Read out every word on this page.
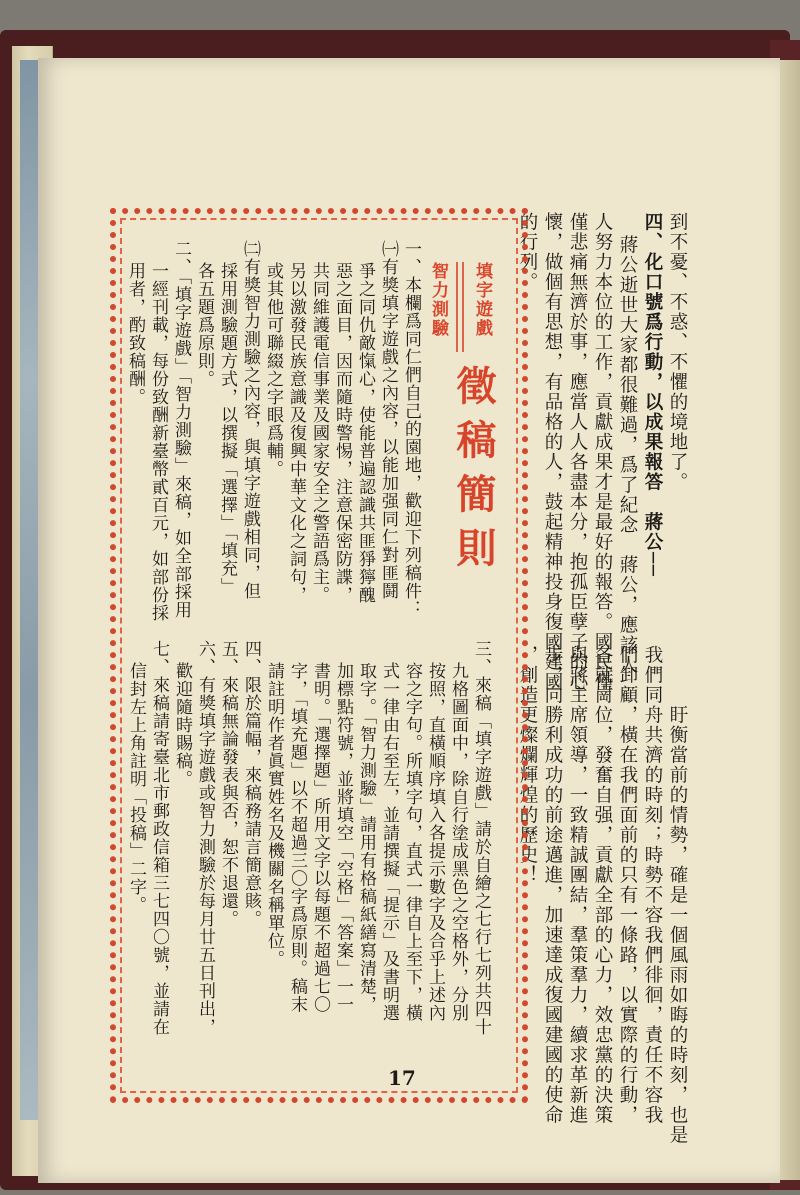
到不憂、不惑、不懼的境地了。
四、化口號爲行動，以成果報答　蔣公──
蔣公逝世大家都很難過，爲了紀念　蔣公，應該人
人努力本位的工作，貢獻成果才是最好的報答。國民僅
僅悲痛無濟於事，應當人人各盡本分，抱孤臣孽子的心
懷，做個有思想，有品格的人，鼓起精神投身復國建國
的行列。
　　盱衡當前的情勢，確是一個風雨如晦的時刻，也是
我們同舟共濟的時刻；時勢不容我們徘徊，責任不容我
們卸顧，橫在我們面前的只有一條路，以實際的行動，
各就崗位，發奮自强，貢獻全部的心力，效忠黨的決策
與蔣主席領導，一致精誠團結，羣策羣力，續求革新進
步，向勝利成功的前途邁進，加速達成復國建國的使命
，創造更燦爛輝煌的歷史！
填字遊戲
智力測驗
徵稿簡則
一、本欄爲同仁們自己的園地，歡迎下列稿件：
㈠有獎填字遊戲之內容，以能加强同仁對匪鬪
爭之同仇敵愾心，使能普遍認識共匪猙獰醜
惡之面目，因而隨時警惕，注意保密防諜，
共同維護電信事業及國家安全之警語爲主。
另以激發民族意識及復興中華文化之詞句，
或其他可聯綴之字眼爲輔。
㈡有獎智力測驗之內容，與填字遊戲相同，但
採用測驗題方式，以撰擬「選擇」「填充」
各五題爲原則。
二、「填字遊戲」「智力測驗」來稿，如全部採用
一經刊載，每份致酬新臺幣貳百元，如部份採
用者，酌致稿酬。
三、來稿「填字遊戲」請於自繪之七行七列共四十
九格圖面中，除自行塗成黑色之空格外，分別
按照，直橫順序填入各提示數字及合乎上述內
容之字句。所填字句，直式一律自上至下，橫
式一律由右至左，並請撰擬「提示」及書明選
取字。「智力測驗」請用有格稿紙繕寫清楚，
加標點符號，並將填空「空格」「答案」一一
書明。「選擇題」所用文字以每題不超過七〇
字，「填充題」以不超過三〇字爲原則。稿末
請註明作者眞實姓名及機關名稱單位。
四、限於篇幅，來稿務請言簡意賅。
五、來稿無論發表與否，恕不退還。
六、有獎填字遊戲或智力測驗於每月廿五日刊出，
歡迎隨時賜稿。
七、來稿請寄臺北市郵政信箱三七四〇號，並請在
信封左上角註明「投稿」二字。
17
